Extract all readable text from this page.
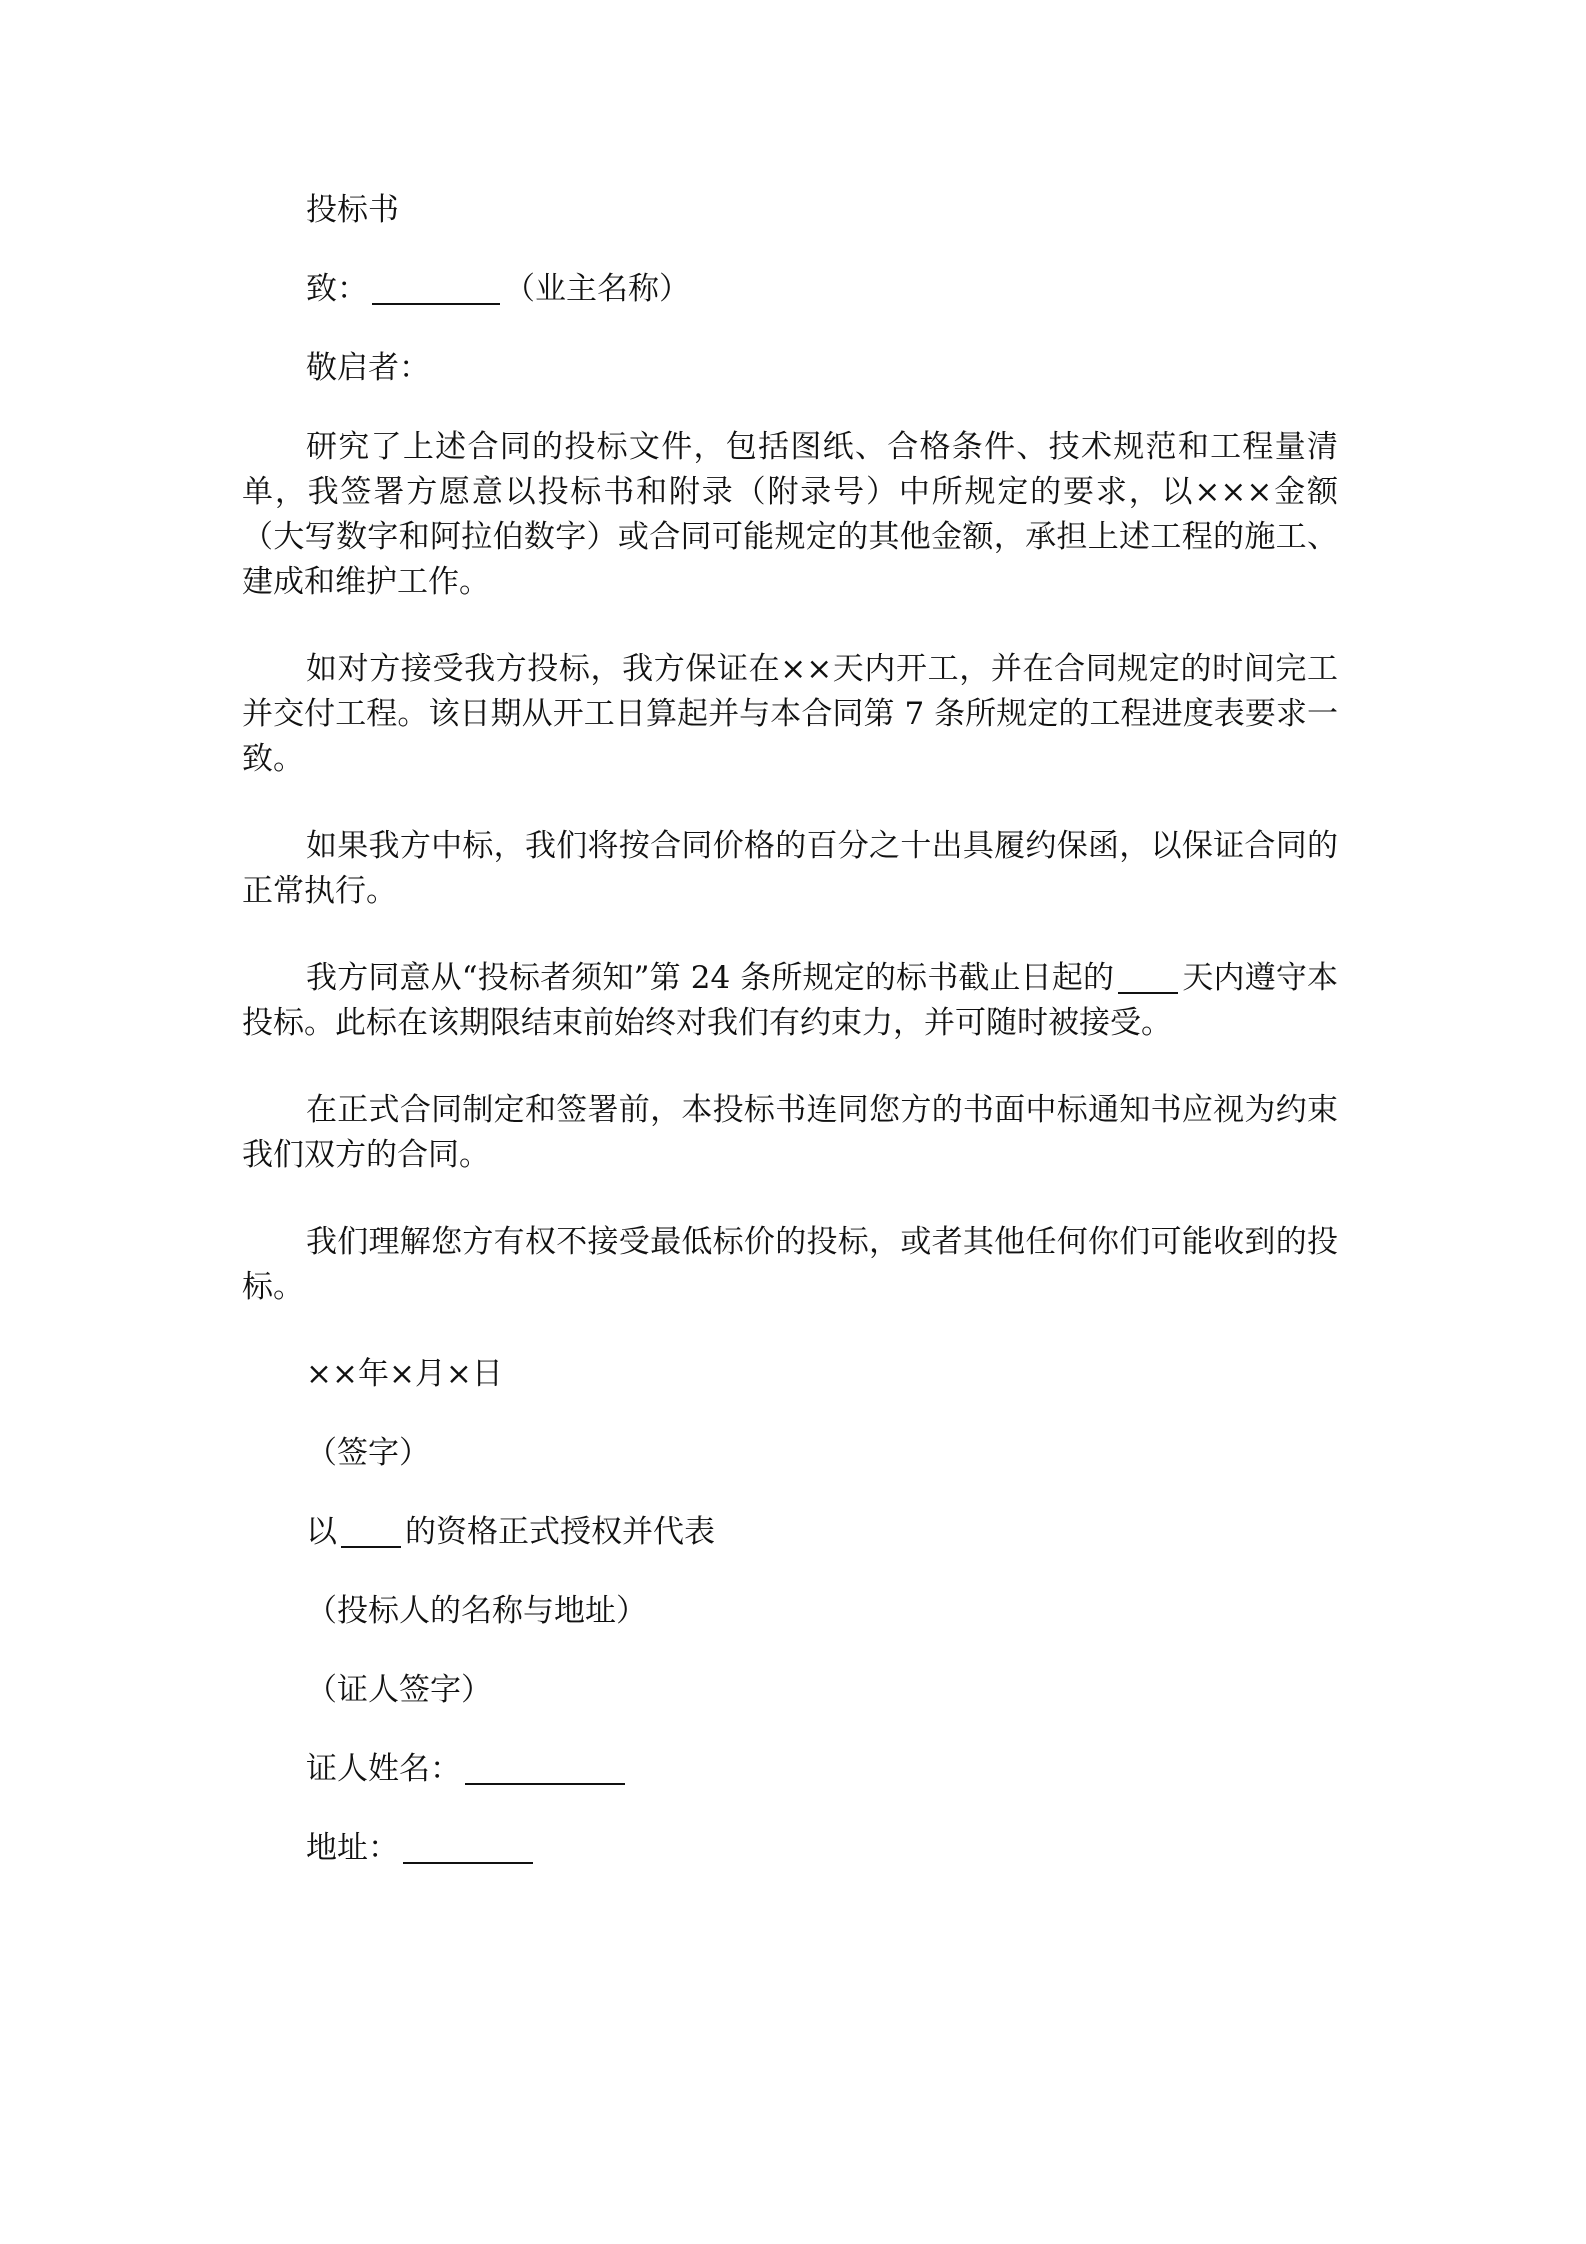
投标书

致：	（业主名称）

敬启者：

研究了上述合同的投标文件，包括图纸、合格条件、技术规范和工程量清单，我签署方愿意以投标书和附录（附录号）中所规定的要求，以×××金额（大写数字和阿拉伯数字）或合同可能规定的其他金额，承担上述工程的施工、建成和维护工作。

如对方接受我方投标，我方保证在××天内开工，并在合同规定的时间完工并交付工程。该日期从开工日算起并与本合同第 7 条所规定的工程进度表要求一致。

如果我方中标，我们将按合同价格的百分之十出具履约保函，以保证合同的正常执行。

我方同意从“投标者须知”第 24 条所规定的标书截止日起的 天内遵守本投标。此标在该期限结束前始终对我们有约束力，并可随时被接受。

在正式合同制定和签署前，本投标书连同您方的书面中标通知书应视为约束我们双方的合同。

我们理解您方有权不接受最低标价的投标，或者其他任何你们可能收到的投标。

××年×月×日

（签字）

以 的资格正式授权并代表

（投标人的名称与地址）

（证人签字）

证人姓名：

地址：
